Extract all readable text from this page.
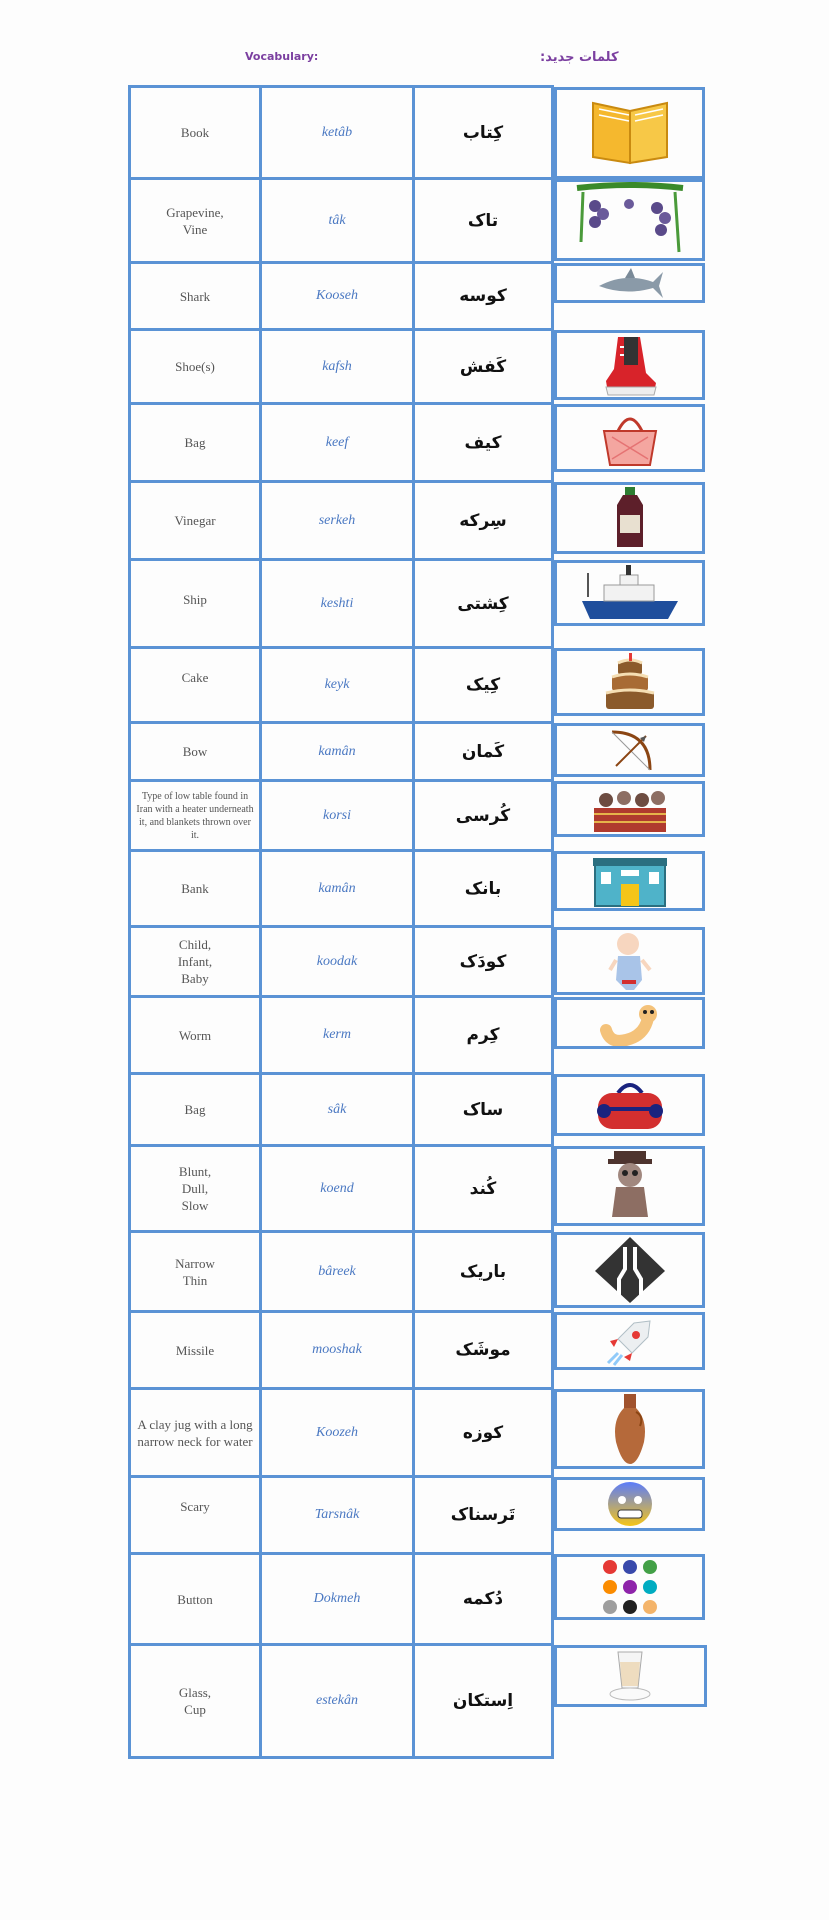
Vocabulary:	کلمات جدید:
Book	ketâb	کِتاب

Grapevine,
Vine	tâk	تاک

Shark	Kooseh	کوسه

Shoe(s)	kafsh	کَفش

Bag	keef	کیف

Vinegar	serkeh	سِرکه

Ship	keshti	کِشتی

Cake	keyk	کِیک

Bow	kamân	کَمان

Type of low table found in Iran with a heater underneath it, and blankets thrown over it.	korsi	کُرسی

Bank	kamân	بانک

Child,
Infant,
Baby	koodak	کودَک

Worm	kerm	کِرم

Bag	sâk	ساک

Blunt,
Dull,
Slow	koend	کُند

Narrow
Thin	bâreek	باریک

Missile	mooshak	موشَک

A clay jug with a long narrow neck for water	Koozeh	کوزه

Scary	Tarsnâk	تَرسناک

Button	Dokmeh	دُکمه

Glass,
Cup	estekân	اِستکان
